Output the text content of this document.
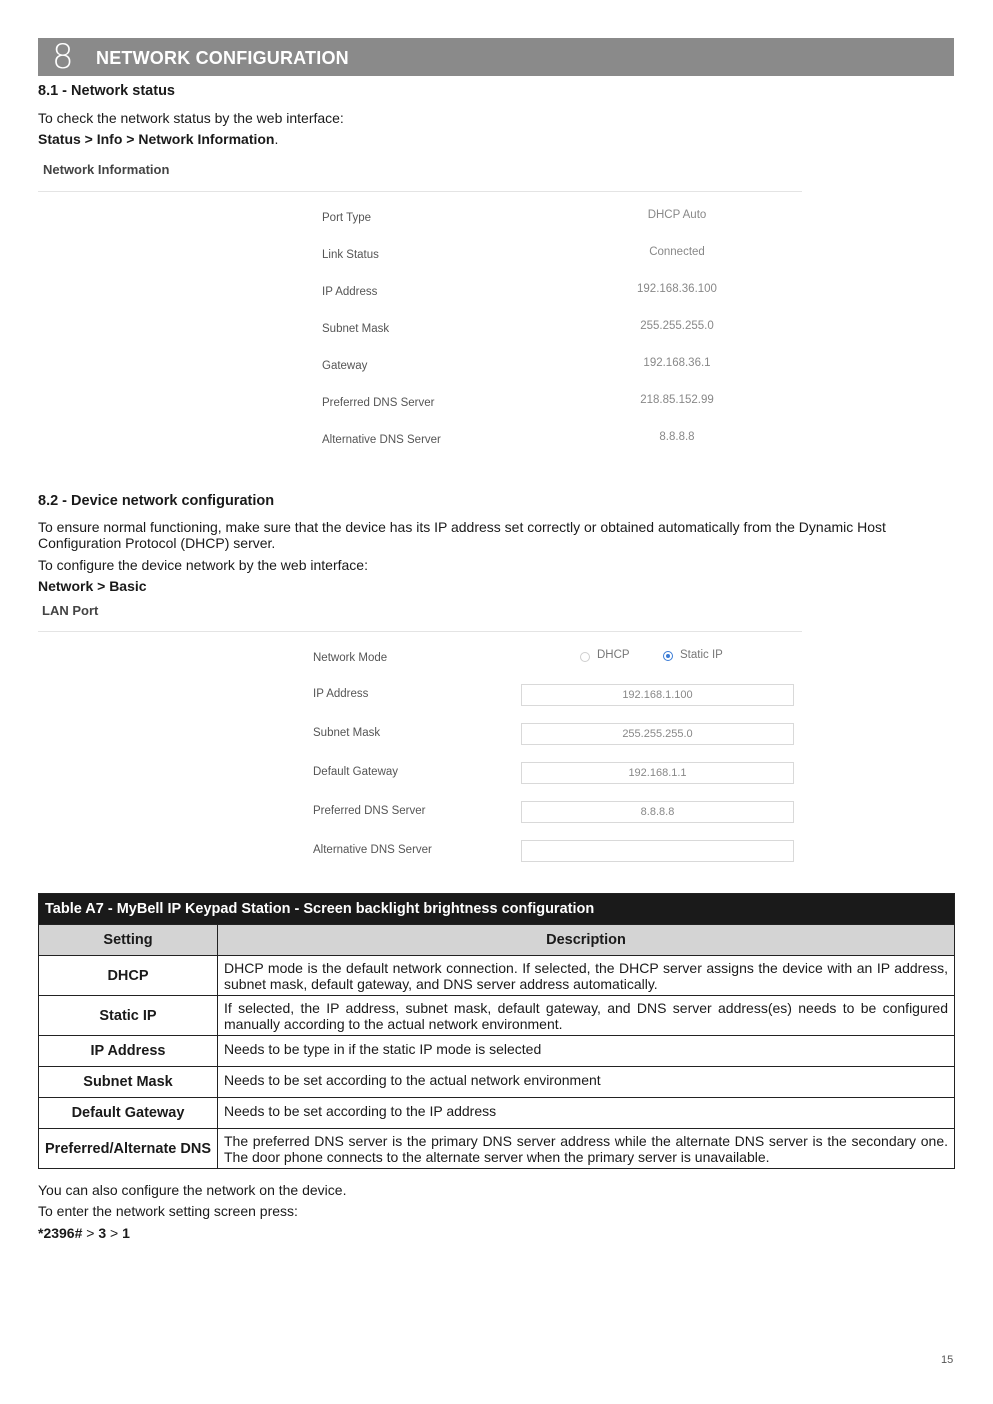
8 NETWORK CONFIGURATION
8.1 - Network status
To check the network status by the web interface:
Status > Info > Network Information.
Network Information
Port Type	DHCP Auto
Link Status	Connected
IP Address	192.168.36.100
Subnet Mask	255.255.255.0
Gateway	192.168.36.1
Preferred DNS Server	218.85.152.99
Alternative DNS Server	8.8.8.8
8.2 - Device network configuration
To ensure normal functioning, make sure that the device has its IP address set correctly or obtained automatically from the Dynamic Host Configuration Protocol (DHCP) server.
To configure the device network by the web interface:
Network > Basic
LAN Port
Network Mode	DHCP	Static IP
IP Address	192.168.1.100
Subnet Mask	255.255.255.0
Default Gateway	192.168.1.1
Preferred DNS Server	8.8.8.8
Alternative DNS Server
Table A7 - MyBell IP Keypad Station - Screen backlight brightness configuration	
Setting	Description
DHCP	DHCP mode is the default network connection. If selected, the DHCP server assigns the device with an IP address, subnet mask, default gateway, and DNS server address automatically.
Static IP	If selected, the IP address, subnet mask, default gateway, and DNS server address(es) needs to be configured manually according to the actual network environment.
IP Address	Needs to be type in if the static IP mode is selected
Subnet Mask	Needs to be set according to the actual network environment
Default Gateway	Needs to be set according to the IP address
Preferred/Alternate DNS	The preferred DNS server is the primary DNS server address while the alternate DNS server is the secondary one. The door phone connects to the alternate server when the primary server is unavailable.
You can also configure the network on the device.
To enter the network setting screen press:
*2396# > 3 > 1
15
